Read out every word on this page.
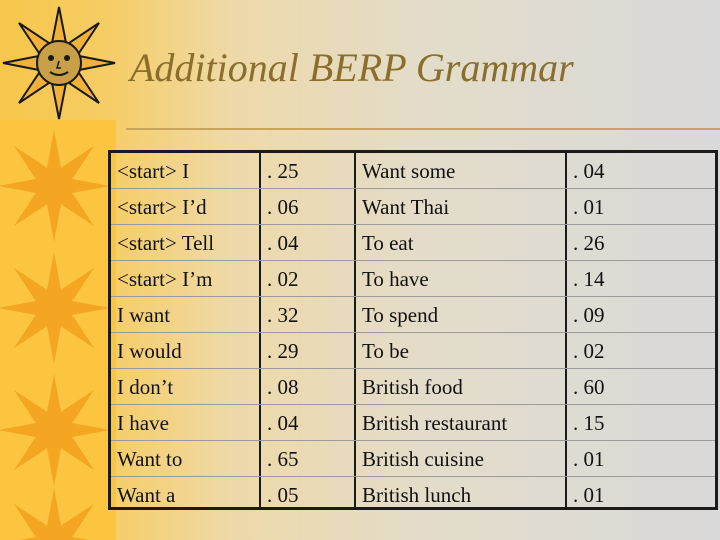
Additional BERP Grammar
<start> I	. 25	Want some	. 04
<start> I’d	. 06	Want Thai	. 01
<start> Tell	. 04	To eat	. 26
<start> I’m	. 02	To have	. 14
I want	. 32	To spend	. 09
I would	. 29	To be	. 02
I don’t	. 08	British food	. 60
I have	. 04	British restaurant	. 15
Want to	. 65	British cuisine	. 01
Want a	. 05	British lunch	. 01
